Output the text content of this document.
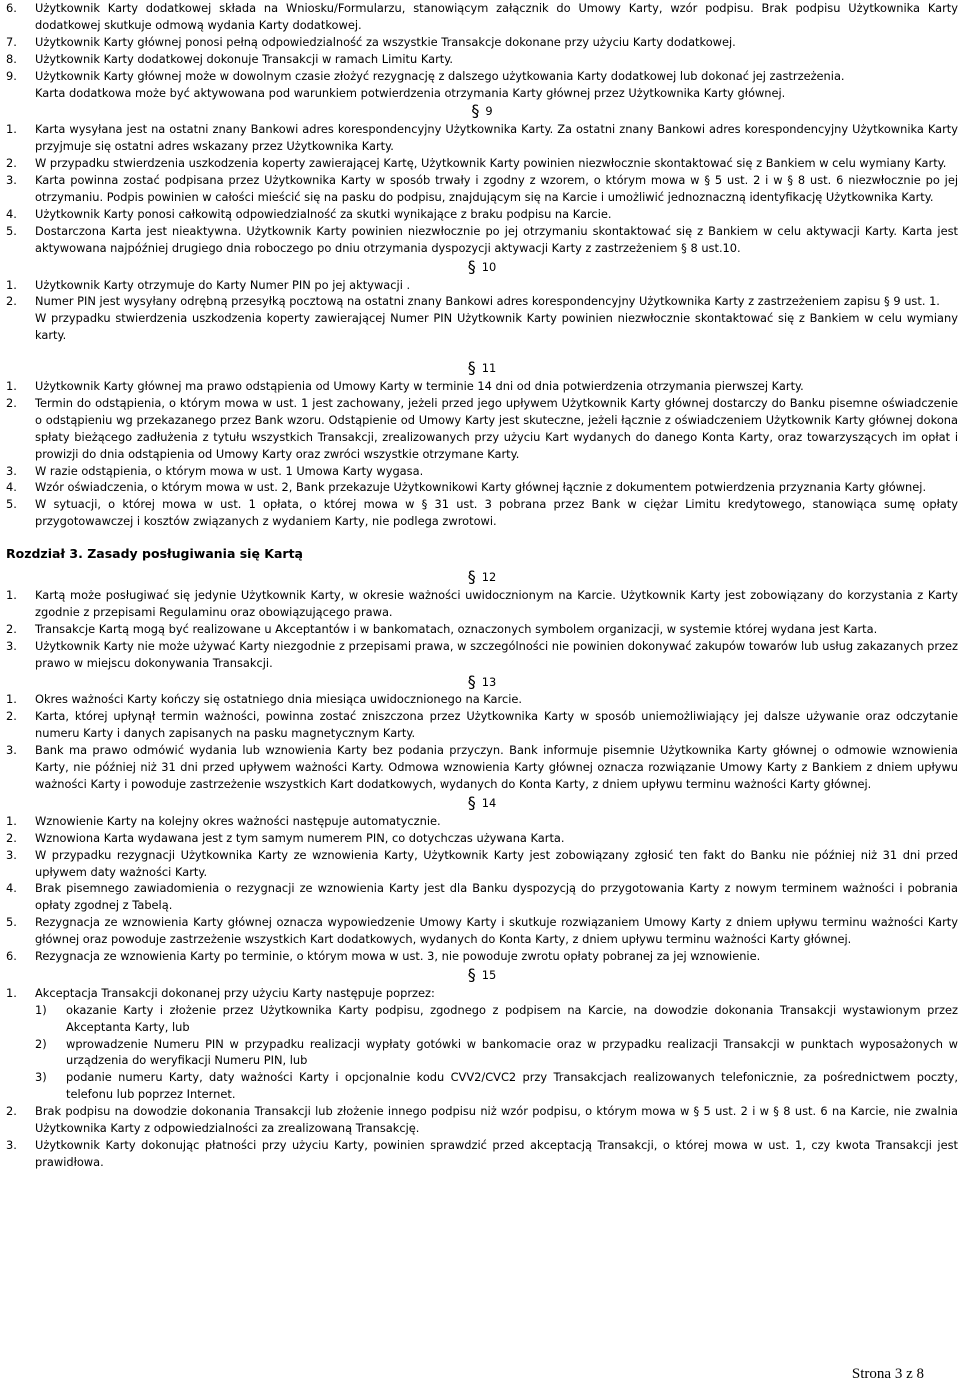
6. Użytkownik Karty dodatkowej składa na Wniosku/Formularzu, stanowiącym załącznik do Umowy Karty, wzór podpisu. Brak podpisu Użytkownika Karty dodatkowej skutkuje odmową wydania Karty dodatkowej.
7. Użytkownik Karty głównej ponosi pełną odpowiedzialność za wszystkie Transakcje dokonane przy użyciu Karty dodatkowej.
8. Użytkownik Karty dodatkowej dokonuje Transakcji w ramach Limitu Karty.
9. Użytkownik Karty głównej może w dowolnym czasie złożyć rezygnację z dalszego użytkowania Karty dodatkowej lub dokonać jej zastrzeżenia.
Karta dodatkowa może być aktywowana pod warunkiem potwierdzenia otrzymania Karty głównej przez Użytkownika Karty głównej.
§ 9
1. Karta wysyłana jest na ostatni znany Bankowi adres korespondencyjny Użytkownika Karty. Za ostatni znany Bankowi adres korespondencyjny Użytkownika Karty przyjmuje się ostatni adres wskazany przez Użytkownika Karty.
2. W przypadku stwierdzenia uszkodzenia koperty zawierającej Kartę, Użytkownik Karty powinien niezwłocznie skontaktować się z Bankiem w celu wymiany Karty.
3. Karta powinna zostać podpisana przez Użytkownika Karty w sposób trwały i zgodny z wzorem, o którym mowa w § 5 ust. 2 i w § 8 ust. 6 niezwłocznie po jej otrzymaniu. Podpis powinien w całości mieścić się na pasku do podpisu, znajdującym się na Karcie i umożliwić jednoznaczną identyfikację Użytkownika Karty.
4. Użytkownik Karty ponosi całkowitą odpowiedzialność za skutki wynikające z braku podpisu na Karcie.
5. Dostarczona Karta jest nieaktywna. Użytkownik Karty powinien niezwłocznie po jej otrzymaniu skontaktować się z Bankiem w celu aktywacji Karty. Karta jest aktywowana najpóźniej drugiego dnia roboczego po dniu otrzymania dyspozycji aktywacji Karty z zastrzeżeniem § 8 ust.10.
§ 10
1. Użytkownik Karty otrzymuje do Karty Numer PIN po jej aktywacji .
2. Numer PIN jest wysyłany odrębną przesyłką pocztową na ostatni znany Bankowi adres korespondencyjny Użytkownika Karty z zastrzeżeniem zapisu § 9 ust. 1.
W przypadku stwierdzenia uszkodzenia koperty zawierającej Numer PIN Użytkownik Karty powinien niezwłocznie skontaktować się z Bankiem w celu wymiany karty.
§ 11
1. Użytkownik Karty głównej ma prawo odstąpienia od Umowy Karty w terminie 14 dni od dnia potwierdzenia otrzymania pierwszej Karty.
2. Termin do odstąpienia, o którym mowa w ust. 1 jest zachowany, jeżeli przed jego upływem Użytkownik Karty głównej dostarczy do Banku pisemne oświadczenie o odstąpieniu wg przekazanego przez Bank wzoru. Odstąpienie od Umowy Karty jest skuteczne, jeżeli łącznie z oświadczeniem Użytkownik Karty głównej dokona spłaty bieżącego zadłużenia z tytułu wszystkich Transakcji, zrealizowanych przy użyciu Kart wydanych do danego Konta Karty, oraz towarzyszących im opłat i prowizji do dnia odstąpienia od Umowy Karty oraz zwróci wszystkie otrzymane Karty.
3. W razie odstąpienia, o którym mowa w ust. 1 Umowa Karty wygasa.
4. Wzór oświadczenia, o którym mowa w ust. 2, Bank przekazuje Użytkownikowi Karty głównej łącznie z dokumentem potwierdzenia przyznania Karty głównej.
5. W sytuacji, o której mowa w ust. 1 opłata, o której mowa w § 31 ust. 3 pobrana przez Bank w ciężar Limitu kredytowego, stanowiąca sumę opłaty przygotowawczej i kosztów związanych z wydaniem Karty, nie podlega zwrotowi.
Rozdział 3. Zasady posługiwania się Kartą
§ 12
1. Kartą może posługiwać się jedynie Użytkownik Karty, w okresie ważności uwidocznionym na Karcie. Użytkownik Karty jest zobowiązany do korzystania z Karty zgodnie z przepisami Regulaminu oraz obowiązującego prawa.
2. Transakcje Kartą mogą być realizowane u Akceptantów i w bankomatach, oznaczonych symbolem organizacji, w systemie której wydana jest Karta.
3. Użytkownik Karty nie może używać Karty niezgodnie z przepisami prawa, w szczególności nie powinien dokonywać zakupów towarów lub usług zakazanych przez prawo w miejscu dokonywania Transakcji.
§ 13
1. Okres ważności Karty kończy się ostatniego dnia miesiąca uwidocznionego na Karcie.
2. Karta, której upłynął termin ważności, powinna zostać zniszczona przez Użytkownika Karty w sposób uniemożliwiający jej dalsze używanie oraz odczytanie numeru Karty i danych zapisanych na pasku magnetycznym Karty.
3. Bank ma prawo odmówić wydania lub wznowienia Karty bez podania przyczyn. Bank informuje pisemnie Użytkownika Karty głównej o odmowie wznowienia Karty, nie później niż 31 dni przed upływem ważności Karty. Odmowa wznowienia Karty głównej oznacza rozwiązanie Umowy Karty z Bankiem z dniem upływu ważności Karty i powoduje zastrzeżenie wszystkich Kart dodatkowych, wydanych do Konta Karty, z dniem upływu terminu ważności Karty głównej.
§ 14
1. Wznowienie Karty na kolejny okres ważności następuje automatycznie.
2. Wznowiona Karta wydawana jest z tym samym numerem PIN, co dotychczas używana Karta.
3. W przypadku rezygnacji Użytkownika Karty ze wznowienia Karty, Użytkownik Karty jest zobowiązany zgłosić ten fakt do Banku nie później niż 31 dni przed upływem daty ważności Karty.
4. Brak pisemnego zawiadomienia o rezygnacji ze wznowienia Karty jest dla Banku dyspozycją do przygotowania Karty z nowym terminem ważności i pobrania opłaty zgodnej z Tabelą.
5. Rezygnacja ze wznowienia Karty głównej oznacza wypowiedzenie Umowy Karty i skutkuje rozwiązaniem Umowy Karty z dniem upływu terminu ważności Karty głównej oraz powoduje zastrzeżenie wszystkich Kart dodatkowych, wydanych do Konta Karty, z dniem upływu terminu ważności Karty głównej.
6. Rezygnacja ze wznowienia Karty po terminie, o którym mowa w ust. 3, nie powoduje zwrotu opłaty pobranej za jej wznowienie.
§ 15
1. Akceptacja Transakcji dokonanej przy użyciu Karty następuje poprzez:
1) okazanie Karty i złożenie przez Użytkownika Karty podpisu, zgodnego z podpisem na Karcie, na dowodzie dokonania Transakcji wystawionym przez Akceptanta Karty, lub
2) wprowadzenie Numeru PIN w przypadku realizacji wypłaty gotówki w bankomacie oraz w przypadku realizacji Transakcji w punktach wyposażonych w urządzenia do weryfikacji Numeru PIN, lub
3) podanie numeru Karty, daty ważności Karty i opcjonalnie kodu CVV2/CVC2 przy Transakcjach realizowanych telefonicznie, za pośrednictwem poczty, telefonu lub poprzez Internet.
2. Brak podpisu na dowodzie dokonania Transakcji lub złożenie innego podpisu niż wzór podpisu, o którym mowa w § 5 ust. 2 i w § 8 ust. 6 na Karcie, nie zwalnia Użytkownika Karty z odpowiedzialności za zrealizowaną Transakcję.
3. Użytkownik Karty dokonując płatności przy użyciu Karty, powinien sprawdzić przed akceptacją Transakcji, o której mowa w ust. 1, czy kwota Transakcji jest prawidłowa.
Strona 3 z 8
